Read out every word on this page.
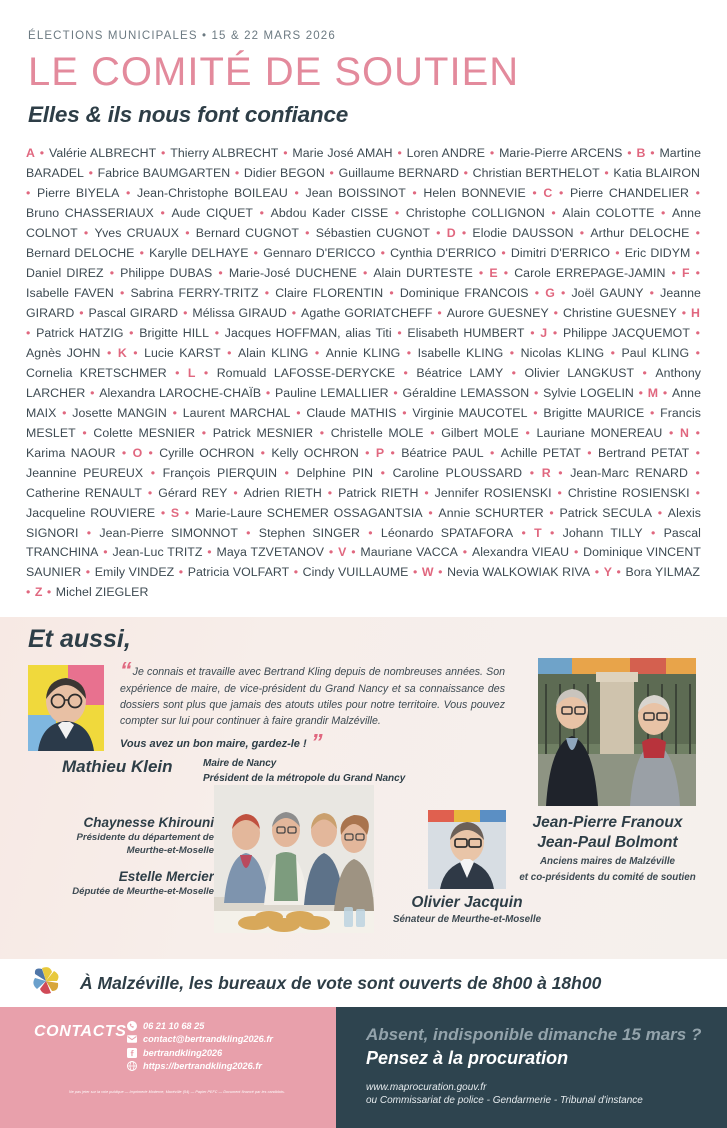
ÉLECTIONS MUNICIPALES • 15 & 22 MARS 2026
LE COMITÉ DE SOUTIEN
Elles & ils nous font confiance
A • Valérie ALBRECHT • Thierry ALBRECHT • Marie José AMAH • Loren ANDRE • Marie-Pierre ARCENS • B • Martine BARADEL • Fabrice BAUMGARTEN • Didier BEGON • Guillaume BERNARD • Christian BERTHELOT • Katia BLAIRON • Pierre BIYELA • Jean-Christophe BOILEAU • Jean BOISSINOT • Helen BONNEVIE • C • Pierre CHANDELIER • Bruno CHASSERIAUX • Aude CIQUET • Abdou Kader CISSE • Christophe COLLIGNON • Alain COLOTTE • Anne COLNOT • Yves CRUAUX • Bernard CUGNOT • Sébastien CUGNOT • D • Elodie DAUSSON • Arthur DELOCHE • Bernard DELOCHE • Karylle DELHAYE • Gennaro D'ERICCO • Cynthia D'ERRICO • Dimitri D'ERRICO • Eric DIDYM • Daniel DIREZ • Philippe DUBAS • Marie-José DUCHENE • Alain DURTESTE • E • Carole ERREPAGE-JAMIN • F • Isabelle FAVEN • Sabrina FERRY-TRITZ • Claire FLORENTIN • Dominique FRANCOIS • G • Joël GAUNY • Jeanne GIRARD • Pascal GIRARD • Mélissa GIRAUD • Agathe GORIATCHEFF • Aurore GUESNEY • Christine GUESNEY • H • Patrick HATZIG • Brigitte HILL • Jacques HOFFMAN, alias Titi • Elisabeth HUMBERT • J • Philippe JACQUEMOT • Agnès JOHN • K • Lucie KARST • Alain KLING • Annie KLING • Isabelle KLING • Nicolas KLING • Paul KLING • Cornelia KRETSCHMER • L • Romuald LAFOSSE-DERYCKE • Béatrice LAMY • Olivier LANGKUST • Anthony LARCHER • Alexandra LAROCHE-CHAÏB • Pauline LEMALLIER • Géraldine LEMASSON • Sylvie LOGELIN • M • Anne MAIX • Josette MANGIN • Laurent MARCHAL • Claude MATHIS • Virginie MAUCOTEL • Brigitte MAURICE • Francis MESLET • Colette MESNIER • Patrick MESNIER • Christelle MOLE • Gilbert MOLE • Lauriane MONEREAU • N • Karima NAOUR • O • Cyrille OCHRON • Kelly OCHRON • P • Béatrice PAUL • Achille PETAT • Bertrand PETAT • Jeannine PEUREUX • François PIERQUIN • Delphine PIN • Caroline PLOUSSARD • R • Jean-Marc RENARD • Catherine RENAULT • Gérard REY • Adrien RIETH • Patrick RIETH • Jennifer ROSIENSKI • Christine ROSIENSKI • Jacqueline ROUVIERE • S • Marie-Laure SCHEMER OSSAGANTSIA • Annie SCHURTER • Patrick SECULA • Alexis SIGNORI • Jean-Pierre SIMONNOT • Stephen SINGER • Léonardo SPATAFORA • T • Johann TILLY • Pascal TRANCHINA • Jean-Luc TRITZ • Maya TZVETANOV • V • Mauriane VACCA • Alexandra VIEAU • Dominique VINCENT SAUNIER • Emily VINDEZ • Patricia VOLFART • Cindy VUILLAUME • W • Nevia WALKOWIAK RIVA • Y • Bora YILMAZ • Z • Michel ZIEGLER
Et aussi,
“ Je connais et travaille avec Bertrand Kling depuis de nombreuses années. Son expérience de maire, de vice-président du Grand Nancy et sa connaissance des dossiers sont plus que jamais des atouts utiles pour notre territoire. Vous pouvez compter sur lui pour continuer à faire grandir Malzéville.
Vous avez un bon maire, gardez-le ! ”
Mathieu Klein	Maire de Nancy
Président de la métropole du Grand Nancy
Chaynesse Khirouni
Présidente du département de
Meurthe-et-Moselle
Estelle Mercier
Députée de Meurthe-et-Moselle
Jean-Pierre Franoux
Jean-Paul Bolmont
Anciens maires de Malzéville
et co-présidents du comité de soutien
Olivier Jacquin
Sénateur de Meurthe-et-Moselle
À Malzéville, les bureaux de vote sont ouverts de 8h00 à 18h00
CONTACTS 06 21 10 68 25
contact@bertrandkling2026.fr
bertrandkling2026
https://bertrandkling2026.fr
Ne pas jeter sur la voie publique — Imprimerie Moderne, Maxéville (54) — Papier PEFC — Document financé par les candidats.
Absent, indisponible dimanche 15 mars ?
Pensez à la procuration
www.maprocuration.gouv.fr
ou Commissariat de police - Gendarmerie - Tribunal d'instance
